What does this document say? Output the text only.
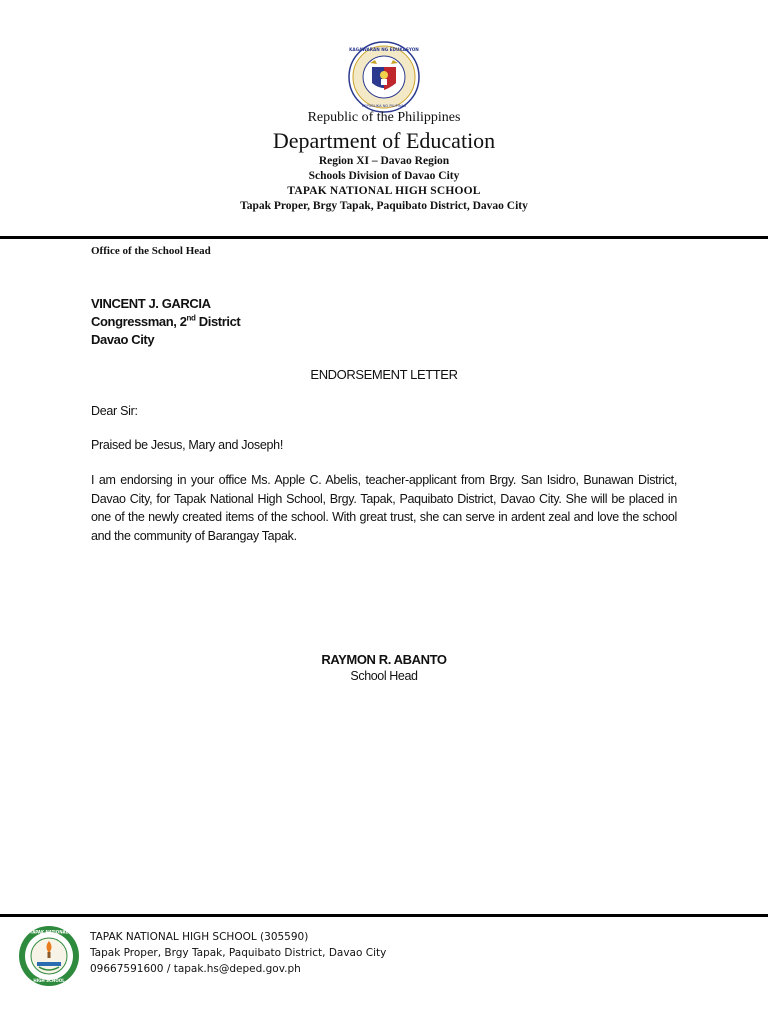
KAGAWARAN NG EDUKASYON
REPUBLIKA NG PILIPINAS
Republic of the Philippines
Department of Education
Region XI – Davao Region
Schools Division of Davao City
TAPAK NATIONAL HIGH SCHOOL
Tapak Proper, Brgy Tapak, Paquibato District, Davao City
Office of the School Head
VINCENT J. GARCIA
Congressman, 2nd District
Davao City
ENDORSEMENT LETTER
Dear Sir:
Praised be Jesus, Mary and Joseph!
I am endorsing in your office Ms. Apple C. Abelis, teacher-applicant from Brgy. San Isidro, Bunawan District, Davao City, for Tapak National High School, Brgy. Tapak, Paquibato District, Davao City. She will be placed in one of the newly created items of the school. With great trust, she can serve in ardent zeal and love the school and the community of Barangay Tapak.
RAYMON R. ABANTO
School Head
TAPAK NATIONAL
HIGH SCHOOL
TAPAK NATIONAL HIGH SCHOOL (305590)
Tapak Proper, Brgy Tapak, Paquibato District, Davao City
09667591600 / tapak.hs@deped.gov.ph
